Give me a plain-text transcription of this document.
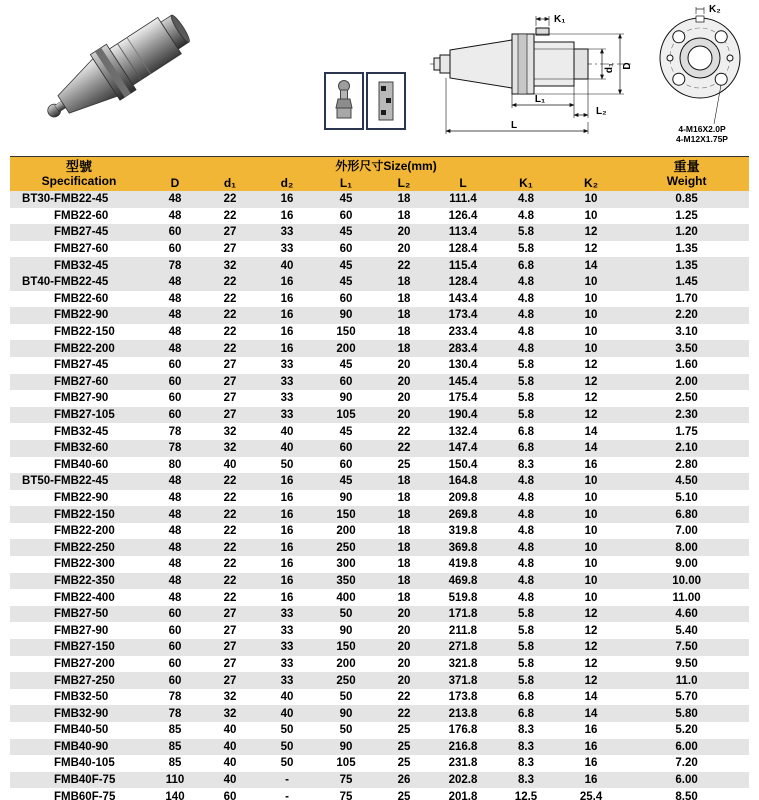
K₁
d₁ D
L₁
L₂
L
K₂
4-M16X2.0P
4-M12X1.75P
型號
Specification
	外形尺寸Size(mm)	重量
Weight

	D	d₁	d₂	L₁	L₂	L	K₁	K₂	
BT30-FMB22-45	48	22	16	45	18	111.4	4.8	10	0.85
FMB22-60	48	22	16	60	18	126.4	4.8	10	1.25
FMB27-45	60	27	33	45	20	113.4	5.8	12	1.20
FMB27-60	60	27	33	60	20	128.4	5.8	12	1.35
FMB32-45	78	32	40	45	22	115.4	6.8	14	1.35
BT40-FMB22-45	48	22	16	45	18	128.4	4.8	10	1.45
FMB22-60	48	22	16	60	18	143.4	4.8	10	1.70
FMB22-90	48	22	16	90	18	173.4	4.8	10	2.20
FMB22-150	48	22	16	150	18	233.4	4.8	10	3.10
FMB22-200	48	22	16	200	18	283.4	4.8	10	3.50
FMB27-45	60	27	33	45	20	130.4	5.8	12	1.60
FMB27-60	60	27	33	60	20	145.4	5.8	12	2.00
FMB27-90	60	27	33	90	20	175.4	5.8	12	2.50
FMB27-105	60	27	33	105	20	190.4	5.8	12	2.30
FMB32-45	78	32	40	45	22	132.4	6.8	14	1.75
FMB32-60	78	32	40	60	22	147.4	6.8	14	2.10
FMB40-60	80	40	50	60	25	150.4	8.3	16	2.80
BT50-FMB22-45	48	22	16	45	18	164.8	4.8	10	4.50
FMB22-90	48	22	16	90	18	209.8	4.8	10	5.10
FMB22-150	48	22	16	150	18	269.8	4.8	10	6.80
FMB22-200	48	22	16	200	18	319.8	4.8	10	7.00
FMB22-250	48	22	16	250	18	369.8	4.8	10	8.00
FMB22-300	48	22	16	300	18	419.8	4.8	10	9.00
FMB22-350	48	22	16	350	18	469.8	4.8	10	10.00
FMB22-400	48	22	16	400	18	519.8	4.8	10	11.00
FMB27-50	60	27	33	50	20	171.8	5.8	12	4.60
FMB27-90	60	27	33	90	20	211.8	5.8	12	5.40
FMB27-150	60	27	33	150	20	271.8	5.8	12	7.50
FMB27-200	60	27	33	200	20	321.8	5.8	12	9.50
FMB27-250	60	27	33	250	20	371.8	5.8	12	11.0
FMB32-50	78	32	40	50	22	173.8	6.8	14	5.70
FMB32-90	78	32	40	90	22	213.8	6.8	14	5.80
FMB40-50	85	40	50	50	25	176.8	8.3	16	5.20
FMB40-90	85	40	50	90	25	216.8	8.3	16	6.00
FMB40-105	85	40	50	105	25	231.8	8.3	16	7.20
FMB40F-75	110	40	-	75	26	202.8	8.3	16	6.00
FMB60F-75	140	60	-	75	25	201.8	12.5	25.4	8.50
